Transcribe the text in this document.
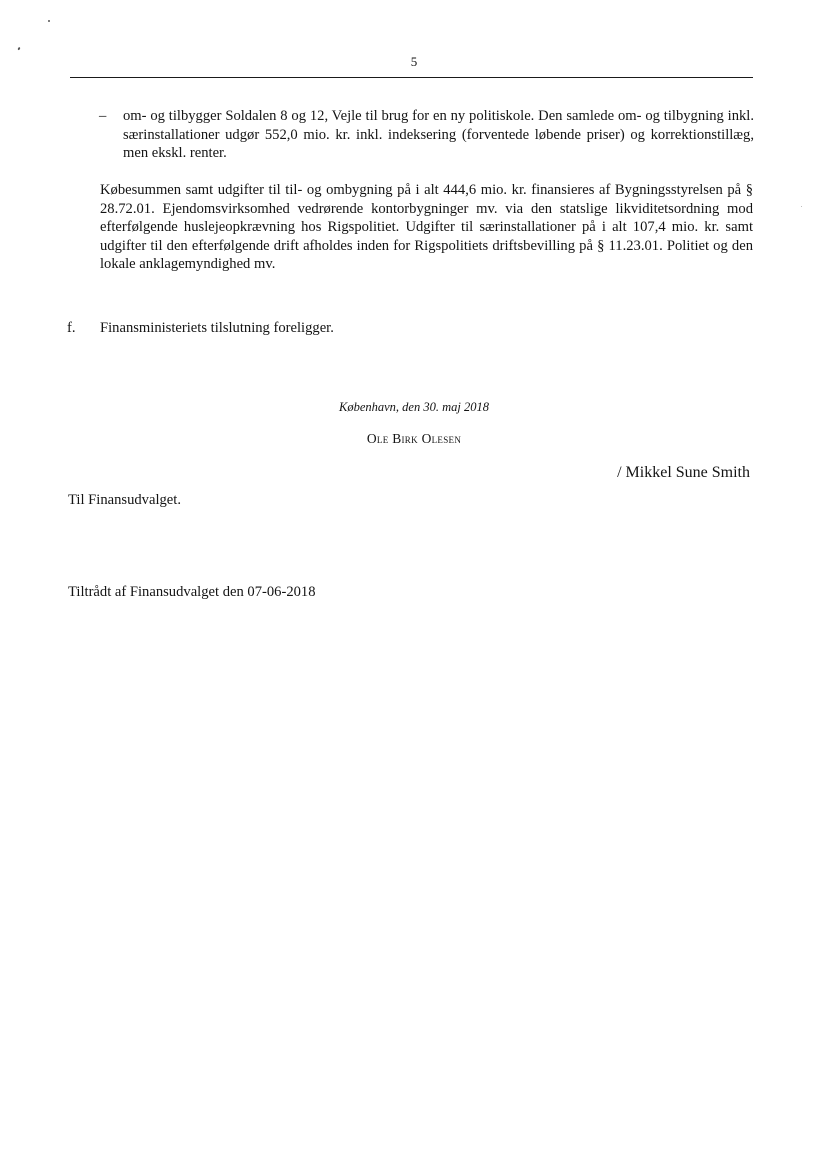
5
– om- og tilbygger Soldalen 8 og 12, Vejle til brug for en ny politiskole. Den samlede om- og tilbygning inkl. særinstallationer udgør 552,0 mio. kr. inkl. indeksering (forventede løbende priser) og korrektionstillæg, men ekskl. renter.
Købesummen samt udgifter til til- og ombygning på i alt 444,6 mio. kr. finansieres af Bygningsstyrelsen på § 28.72.01. Ejendomsvirksomhed vedrørende kontorbygninger mv. via den statslige likviditetsordning mod efterfølgende huslejeopkrævning hos Rigspolitiet. Udgifter til særinstallationer på i alt 107,4 mio. kr. samt udgifter til den efterfølgende drift afholdes inden for Rigspolitiets driftsbevilling på § 11.23.01. Politiet og den lokale anklagemyndighed mv.
f. Finansministeriets tilslutning foreligger.
København, den 30. maj 2018
Ole Birk Olesen
/ Mikkel Sune Smith
Til Finansudvalget.
Tiltrådt af Finansudvalget den 07-06-2018
